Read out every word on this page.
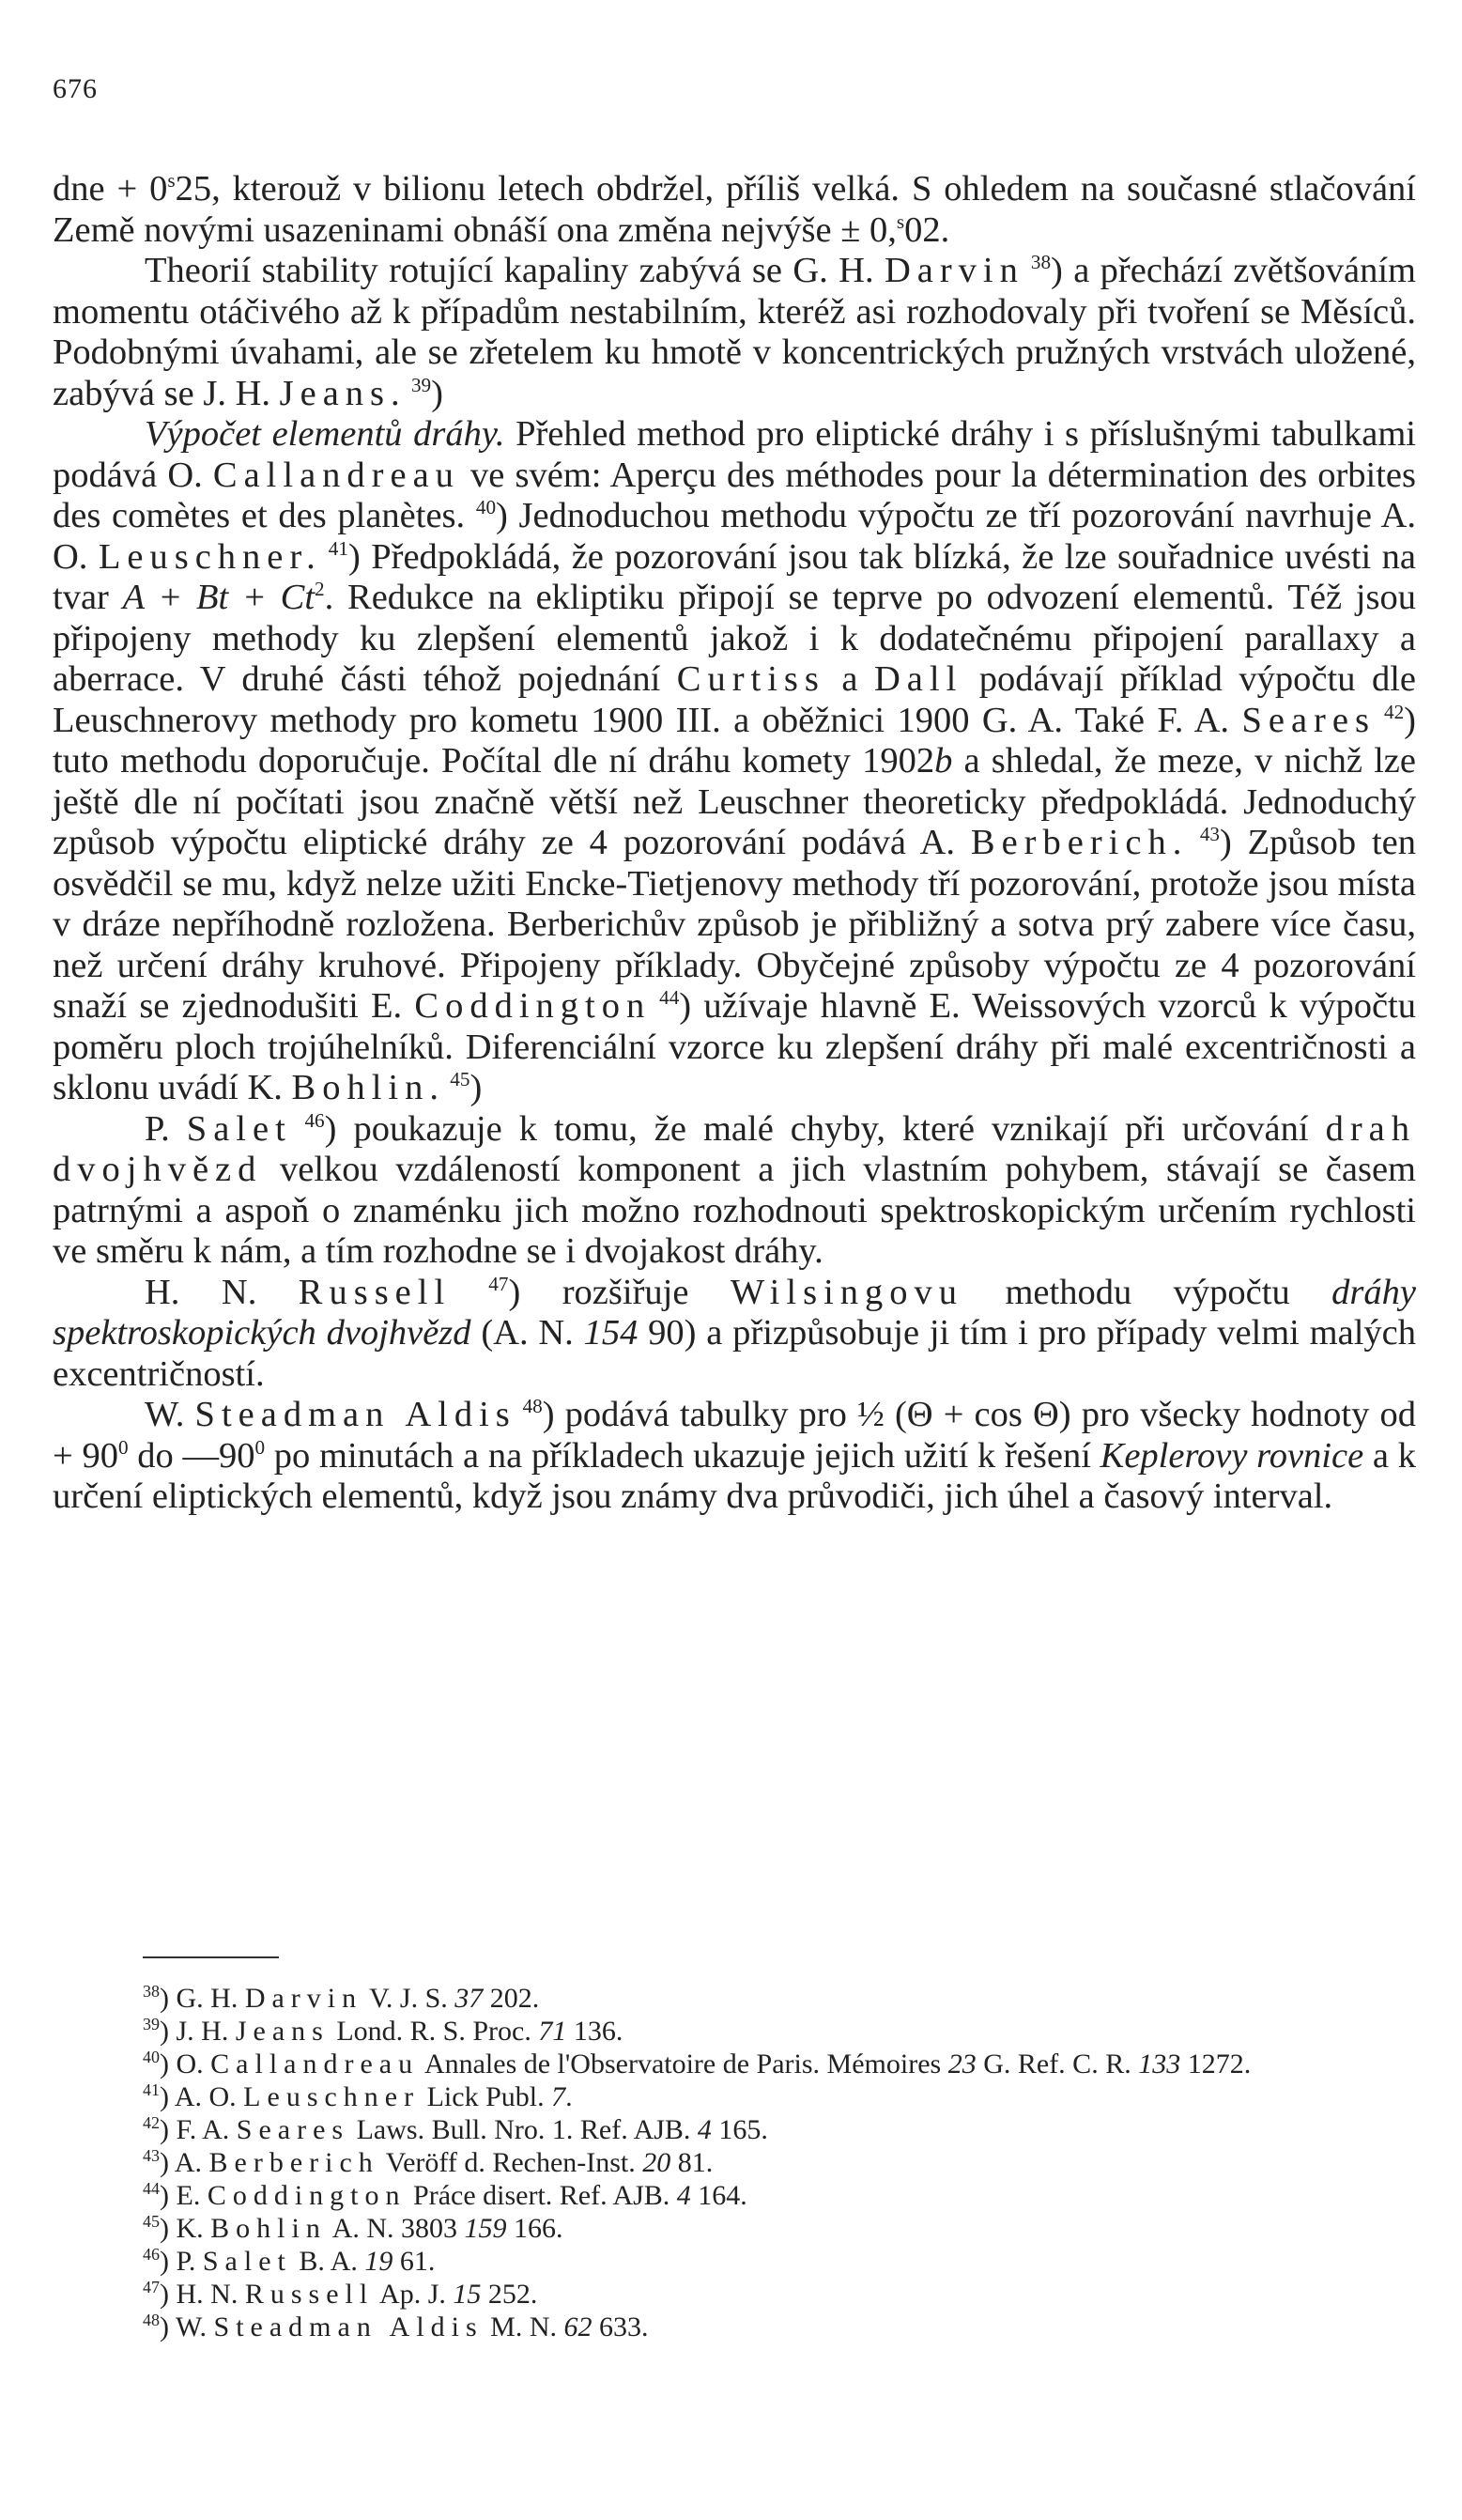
676

dne + $0^s25$, kterouž v bilionu letech obdržel, příliš velká. S ohledem na současné stlačování Země novými usazeninami obnáší ona změna nejvýše ± 0,$^s$02.

Theorií stability rotující kapaliny zabývá se G. H. Darvin $^{38}$) a přechází zvětšováním momentu otáčivého až k případům nestabilním, kteréž asi rozhodovaly při tvoření se Měsíců. Podobnými úvahami, ale se zřetelem ku hmotě v koncentrických pružných vrstvách uložené, zabývá se J. H. Jeans. $^{39}$)

Výpočet elementů dráhy. Přehled method pro eliptické dráhy i s příslušnými tabulkami podává O. Callandreau ve svém: Aperçu des méthodes pour la détermination des orbites des comètes et des planètes. $^{40}$) Jednoduchou methodu výpočtu ze tří pozorování navrhuje A. O. Leuschner. $^{41}$) Předpokládá, že pozorování jsou tak blízká, že lze souřadnice uvésti na tvar $A + Bt + Ct^2$. Redukce na ekliptiku připojí se teprve po odvození elementů. Též jsou připojeny methody ku zlepšení elementů jakož i k dodatečnému připojení parallaxy a aberrace. V druhé části téhož pojednání Curtiss a Dall podávají příklad výpočtu dle Leuschnerovy methody pro kometu 1900 III. a oběžnici 1900 G. A. Také F. A. Seares $^{42}$) tuto methodu doporučuje. Počítal dle ní dráhu komety 1902b a shledal, že meze, v nichž lze ještě dle ní počítati jsou značně větší než Leuschner theoreticky předpokládá. Jednoduchý způsob výpočtu eliptické dráhy ze 4 pozorování podává A. Berberich. $^{43}$) Způsob ten osvědčil se mu, když nelze užiti Encke-Tietjenovy methody tří pozorování, protože jsou místa v dráze nepříhodně rozložena. Berberichův způsob je přibližný a sotva prý zabere více času, než určení dráhy kruhové. Připojeny příklady. Obyčejné způsoby výpočtu ze 4 pozorování snaží se zjednodušiti E. Coddington $^{44}$) užívaje hlavně E. Weissových vzorců k výpočtu poměru ploch trojúhelníků. Diferenciální vzorce ku zlepšení dráhy při malé excentričnosti a sklonu uvádí K. Bohlin. $^{45}$)

P. Salet $^{46}$) poukazuje k tomu, že malé chyby, které vznikají při určování drah dvojhvězd velkou vzdáleností komponent a jich vlastním pohybem, stávají se časem patrnými a aspoň o znaménku jich možno rozhodnouti spektroskopickým určením rychlosti ve směru k nám, a tím rozhodne se i dvojakost dráhy.

H. N. Russell $^{47}$) rozšiřuje Wilsingovu methodu výpočtu dráhy spektroskopických dvojhvězd (A. N. 154 90) a přizpůsobuje ji tím i pro případy velmi malých excentričností.

W. Steadman Aldis $^{48}$) podává tabulky pro ½ (Θ + cos Θ) pro všecky hodnoty od + $90^0$ do $—90^0$ po minutách a na příkladech ukazuje jejich užití k řešení Keplerovy rovnice a k určení eliptických elementů, když jsou známy dva průvodiči, jich úhel a časový interval.

$^{38}$) G. H. Darvin V. J. S. 37 202.

$^{39}$) J. H. Jeans Lond. R. S. Proc. 71 136.

$^{40}$) O. Callandreau Annales de l'Observatoire de Paris. Mémoires 23 G. Ref. C. R. 133 1272.

$^{41}$) A. O. Leuschner Lick Publ. 7.

$^{42}$) F. A. Seares Laws. Bull. Nro. 1. Ref. AJB. 4 165.

$^{43}$) A. Berberich Veröff d. Rechen-Inst. 20 81.

$^{44}$) E. Coddington Práce disert. Ref. AJB. 4 164.

$^{45}$) K. Bohlin A. N. 3803 159 166.

$^{46}$) P. Salet B. A. 19 61.

$^{47}$) H. N. Russell Ap. J. 15 252.

$^{48}$) W. Steadman Aldis M. N. 62 633.
